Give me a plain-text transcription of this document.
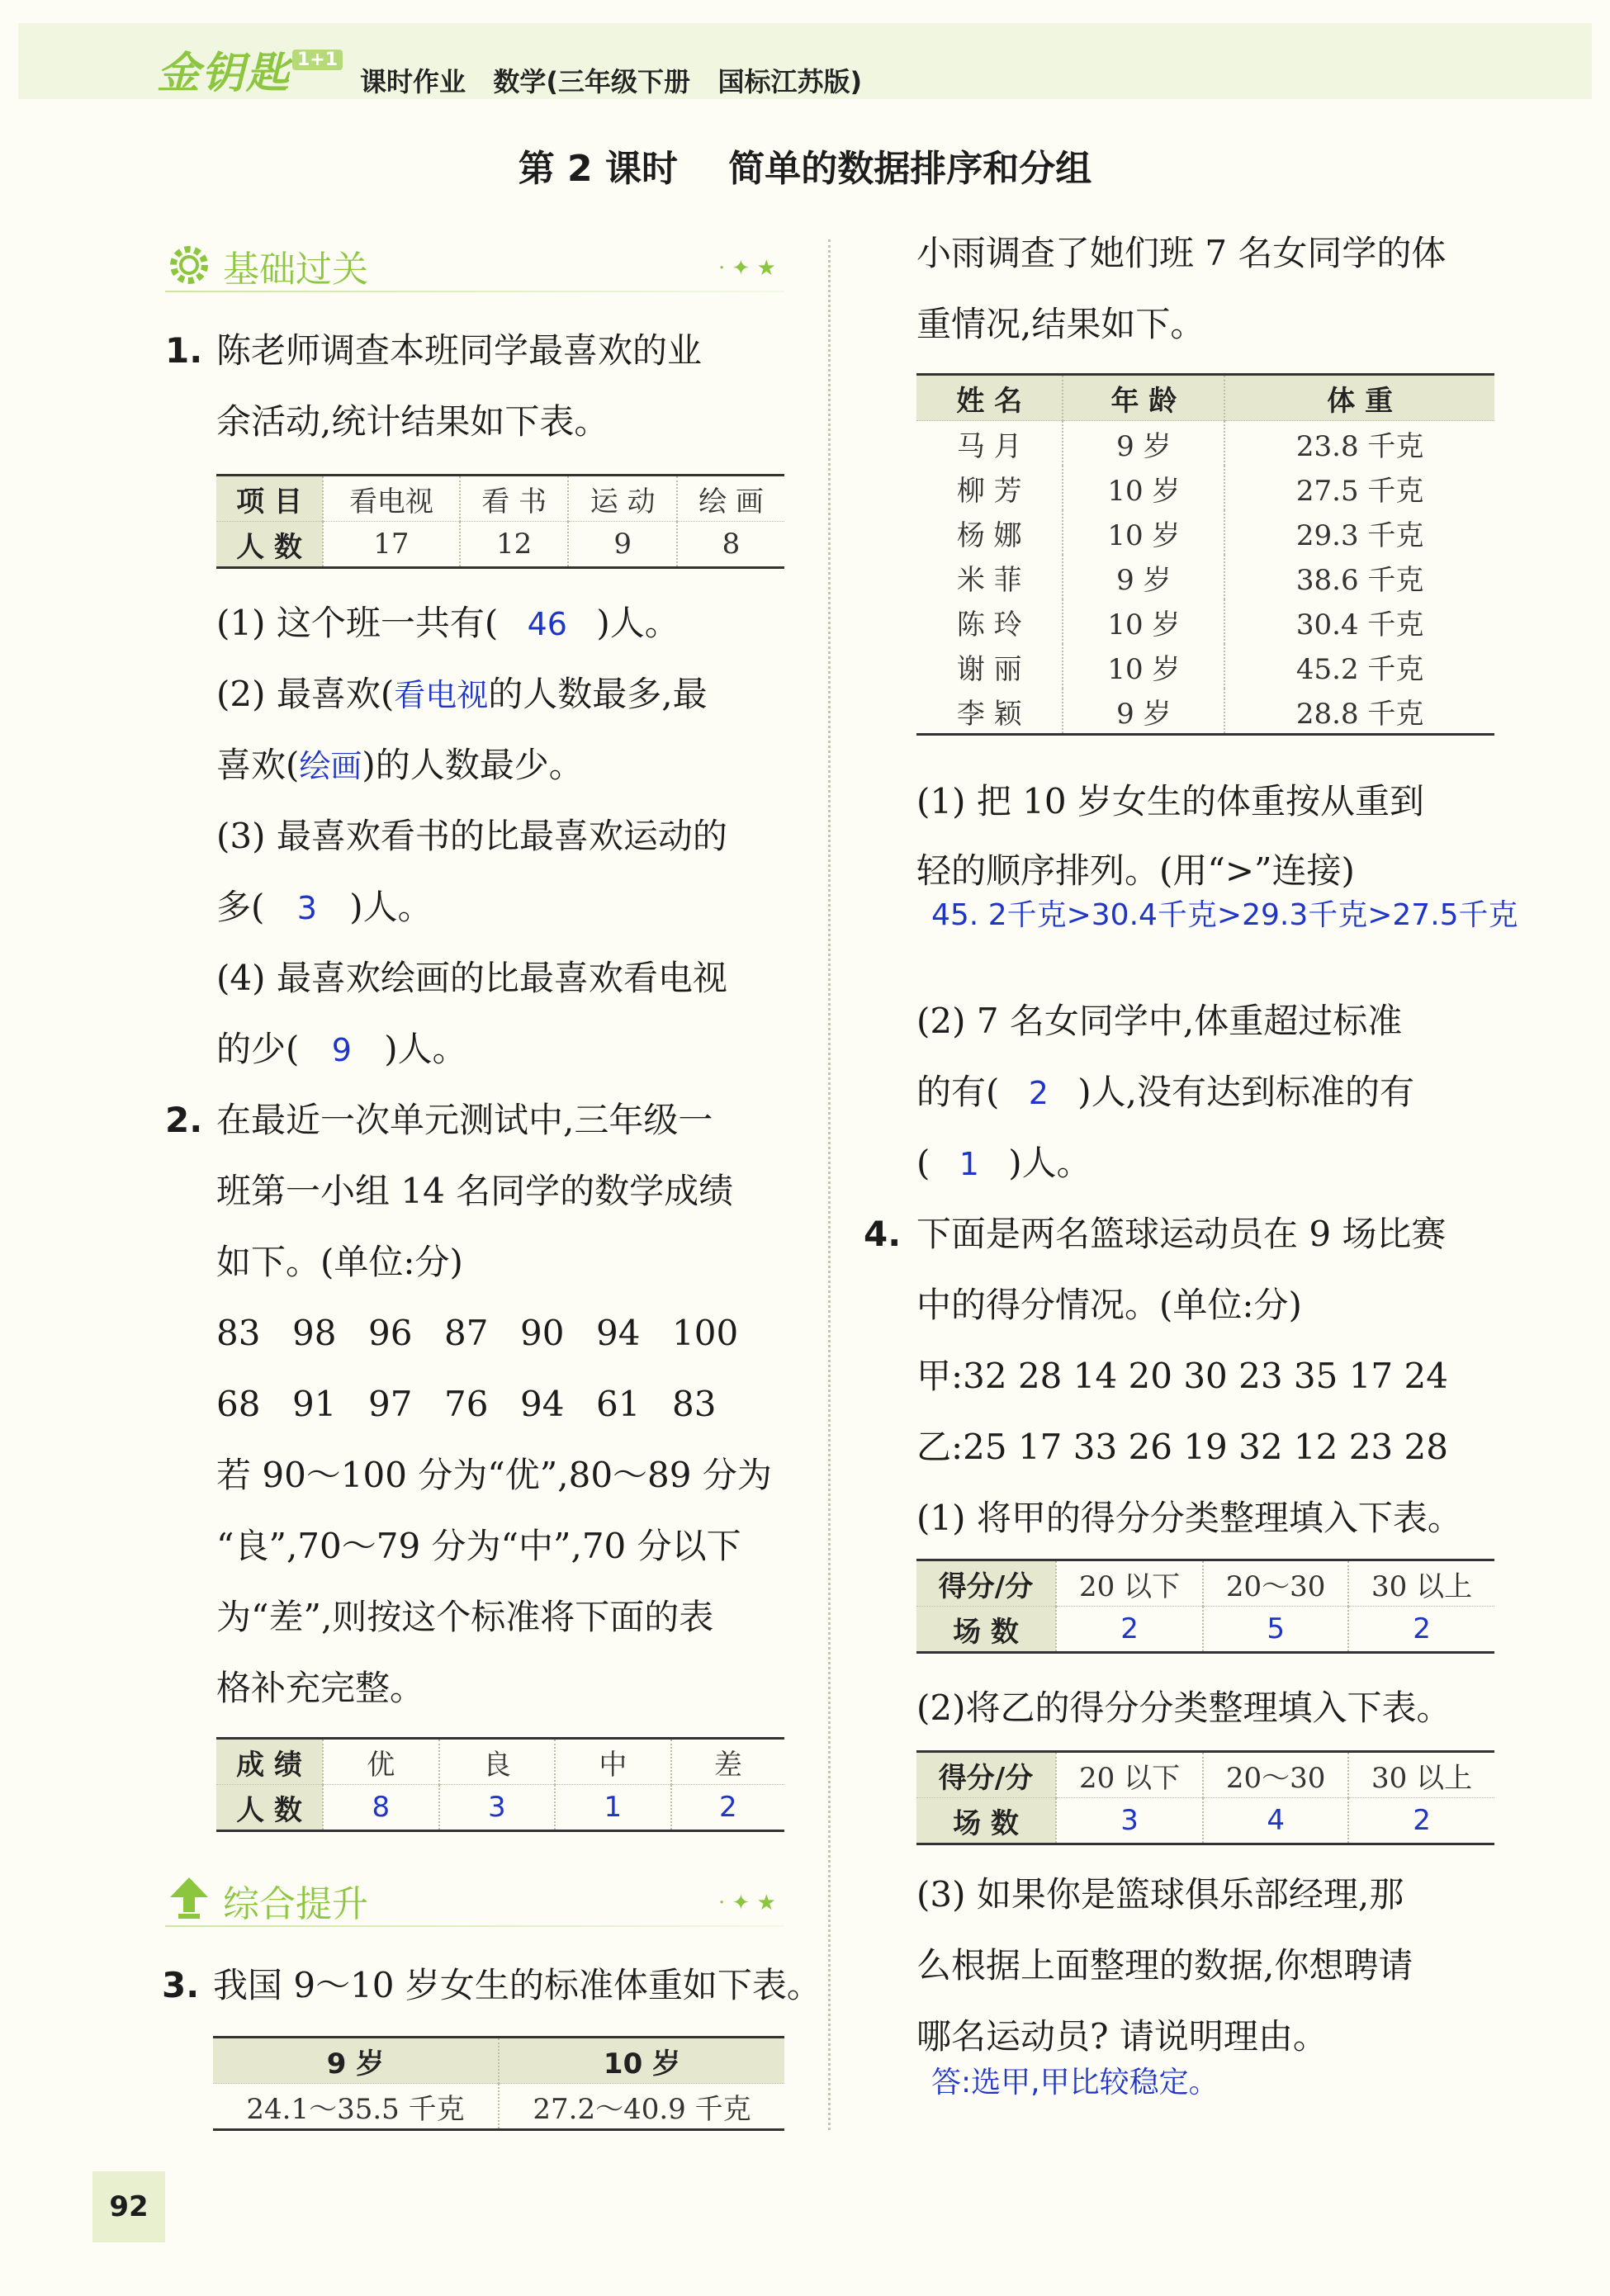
金钥匙 1+1
课时作业   数学(三年级下册   国标江苏版)
第 2 课时    简单的数据排序和分组
基础过关	· ✦ ★
1. 陈老师调查本班同学最喜欢的业
余活动,统计结果如下表。
项 目	看电视	看 书	运 动	绘 画
人 数	17	12	9	8
(1) 这个班一共有( 46 )人。
(2) 最喜欢(看电视的人数最多,最
喜欢(绘画)的人数最少。
(3) 最喜欢看书的比最喜欢运动的
多( 3 )人。
(4) 最喜欢绘画的比最喜欢看电视
的少( 9 )人。
2. 在最近一次单元测试中,三年级一
班第一小组 14 名同学的数学成绩
如下。(单位:分)
83 98 96 87 90 94 100
68 91 97 76 94 61 83
若 90～100 分为“优”,80～89 分为
“良”,70～79 分为“中”,70 分以下
为“差”,则按这个标准将下面的表
格补充完整。
成 绩	优	良	中	差
人 数	8	3	1	2
综合提升	· ✦ ★
3. 我国 9～10 岁女生的标准体重如下表。
9 岁	10 岁
24.1～35.5 千克	27.2～40.9 千克
小雨调查了她们班 7 名女同学的体
重情况,结果如下。
姓 名	年 龄	体 重
马 月	9 岁	23.8 千克
柳 芳	10 岁	27.5 千克
杨 娜	10 岁	29.3 千克
米 菲	9 岁	38.6 千克
陈 玲	10 岁	30.4 千克
谢 丽	10 岁	45.2 千克
李 颖	9 岁	28.8 千克
(1) 把 10 岁女生的体重按从重到
轻的顺序排列。(用“>”连接)
45. 2千克>30.4千克>29.3千克>27.5千克
(2) 7 名女同学中,体重超过标准
的有( 2 )人,没有达到标准的有
( 1 )人。
4. 下面是两名篮球运动员在 9 场比赛
中的得分情况。(单位:分)
甲:32 28 14 20 30 23 35 17 24
乙:25 17 33 26 19 32 12 23 28
(1) 将甲的得分分类整理填入下表。
得分/分	20 以下	20～30	30 以上
场 数	2	5	2
(2)将乙的得分分类整理填入下表。
得分/分	20 以下	20～30	30 以上
场 数	3	4	2
(3) 如果你是篮球俱乐部经理,那
么根据上面整理的数据,你想聘请
哪名运动员? 请说明理由。
答:选甲,甲比较稳定。
92
